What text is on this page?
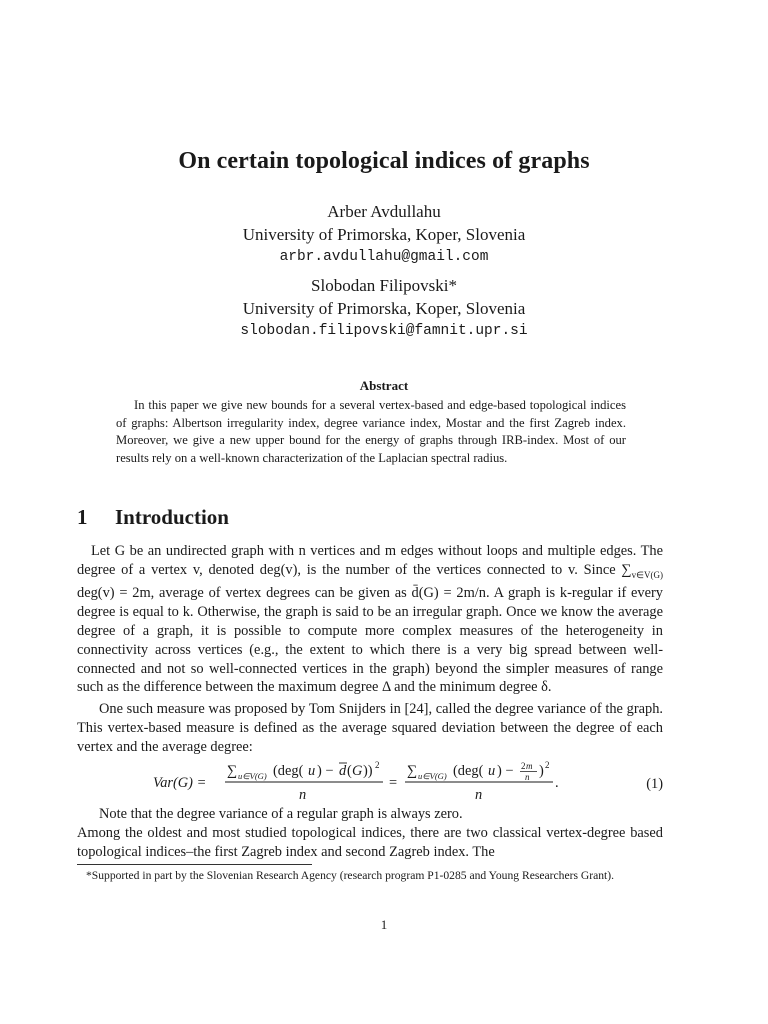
On certain topological indices of graphs
Arber Avdullahu
University of Primorska, Koper, Slovenia
arbr.avdullahu@gmail.com
Slobodan Filipovski*
University of Primorska, Koper, Slovenia
slobodan.filipovski@famnit.upr.si
Abstract
In this paper we give new bounds for a several vertex-based and edge-based topological indices of graphs: Albertson irregularity index, degree variance index, Mostar and the first Zagreb index. Moreover, we give a new upper bound for the energy of graphs through IRB-index. Most of our results rely on a well-known characterization of the Laplacian spectral radius.
1 Introduction
Let G be an undirected graph with n vertices and m edges without loops and multiple edges. The degree of a vertex v, denoted deg(v), is the number of the vertices connected to v. Since $\sum_{v\in V(G)}$ deg(v) = 2m, average of vertex degrees can be given as d̄(G) = 2m/n. A graph is k-regular if every degree is equal to k. Otherwise, the graph is said to be an irregular graph. Once we know the average degree of a graph, it is possible to compute more complex measures of the heterogeneity in connectivity across vertices (e.g., the extent to which there is a very big spread between well-connected and not so well-connected vertices in the graph) beyond the simpler measures of range such as the difference between the maximum degree Δ and the minimum degree δ.
One such measure was proposed by Tom Snijders in [24], called the degree variance of the graph. This vertex-based measure is defined as the average squared deviation between the degree of each vertex and the average degree:
Var(G) =
∑ u∈V(G) (deg( u ) − d ( G )) 2
n
=
∑ u∈V(G) (deg( u ) − 2 m
n ) 2
n
.	(1)
Note that the degree variance of a regular graph is always zero.
Among the oldest and most studied topological indices, there are two classical vertex-degree based topological indices–the first Zagreb index and second Zagreb index. The
*Supported in part by the Slovenian Research Agency (research program P1-0285 and Young Researchers Grant).
1
